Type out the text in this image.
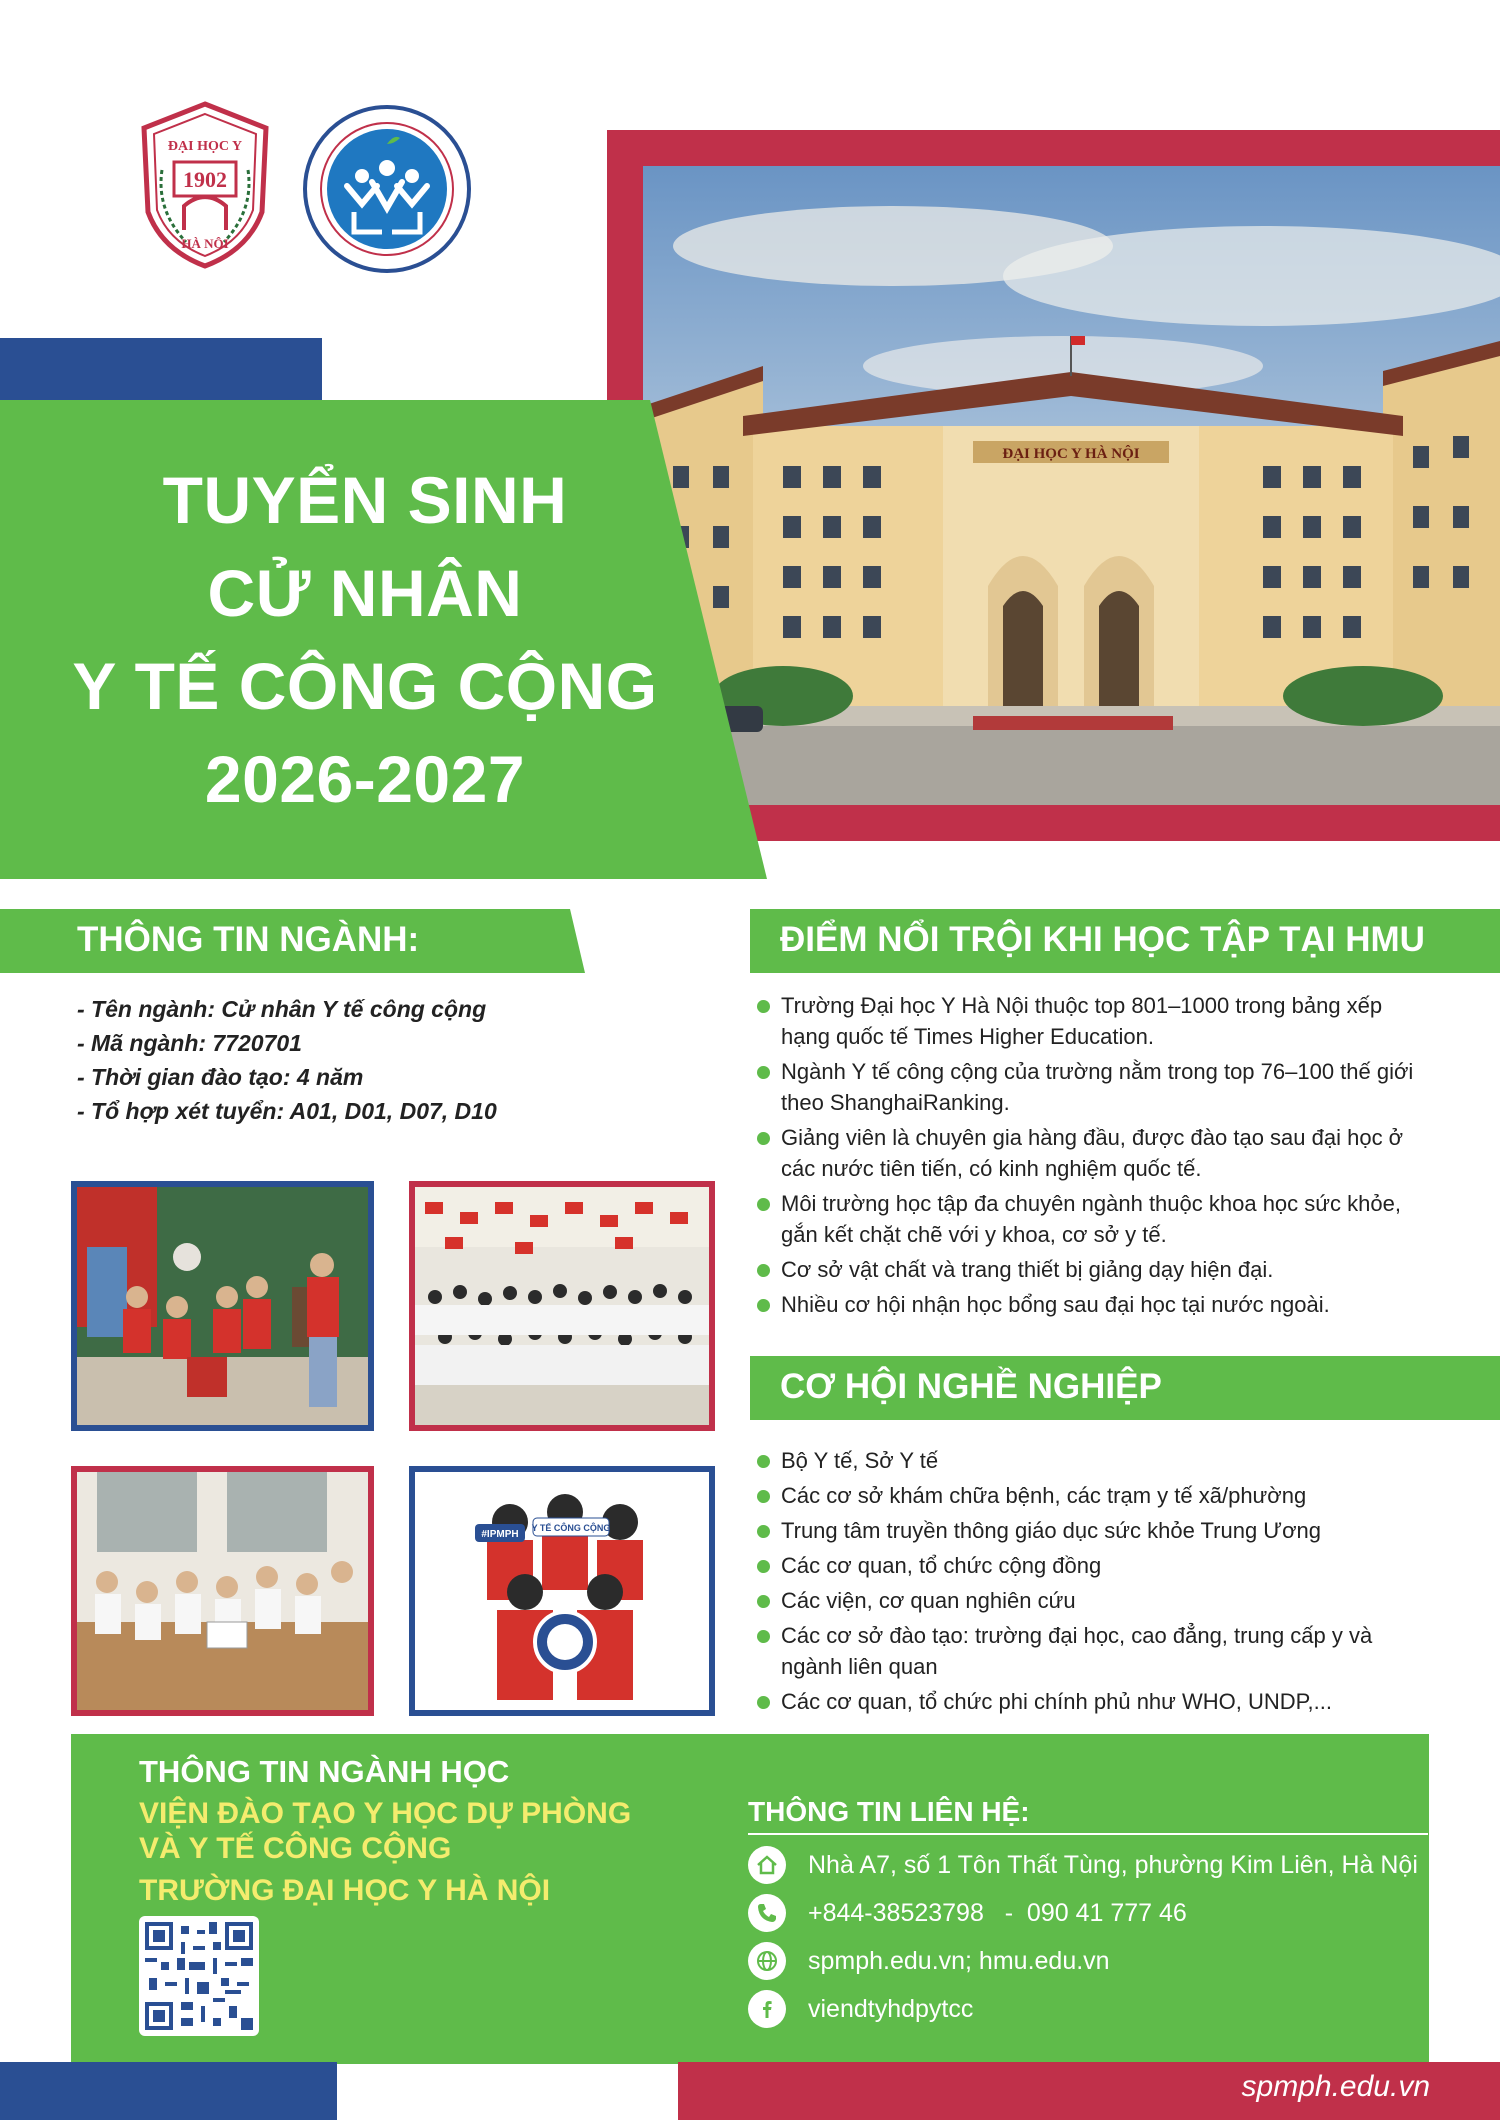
ĐẠI HỌC Y
1902
HÀ NỘI
ĐẠI HỌC Y HÀ NỘI
TUYỂN SINH
CỬ NHÂN
Y TẾ CÔNG CỘNG
2026-2027
THÔNG TIN NGÀNH:
- Tên ngành: Cử nhân Y tế công cộng
- Mã ngành: 7720701
- Thời gian đào tạo: 4 năm
- Tổ hợp xét tuyển: A01, D01, D07, D10
ĐIỂM NỔI TRỘI KHI HỌC TẬP TẠI HMU
Trường Đại học Y Hà Nội thuộc top 801–1000 trong bảng xếp hạng quốc tế Times Higher Education.
Ngành Y tế công cộng của trường nằm trong top 76–100 thế giới theo ShanghaiRanking.
Giảng viên là chuyên gia hàng đầu, được đào tạo sau đại học ở các nước tiên tiến, có kinh nghiệm quốc tế.
Môi trường học tập đa chuyên ngành thuộc khoa học sức khỏe, gắn kết chặt chẽ với y khoa, cơ sở y tế.
Cơ sở vật chất và trang thiết bị giảng dạy hiện đại.
Nhiều cơ hội nhận học bổng sau đại học tại nước ngoài.
CƠ HỘI NGHỀ NGHIỆP
Bộ Y tế, Sở Y tế
Các cơ sở khám chữa bệnh, các trạm y tế xã/phường
Trung tâm truyền thông giáo dục sức khỏe Trung Ương
Các cơ quan, tổ chức cộng đồng
Các viện, cơ quan nghiên cứu
Các cơ sở đào tạo: trường đại học, cao đẳng, trung cấp y và ngành liên quan
Các cơ quan, tổ chức phi chính phủ như WHO, UNDP,...
#IPMPH
Y TẾ CÔNG CỘNG
THÔNG TIN NGÀNH HỌC
VIỆN ĐÀO TẠO Y HỌC DỰ PHÒNG
VÀ Y TẾ CÔNG CỘNG
TRƯỜNG ĐẠI HỌC Y HÀ NỘI
THÔNG TIN LIÊN HỆ:
Nhà A7, số 1 Tôn Thất Tùng, phường Kim Liên, Hà Nội
+844-38523798   -  090 41 777 46
spmph.edu.vn; hmu.edu.vn
viendtyhdpytcc
spmph.edu.vn
